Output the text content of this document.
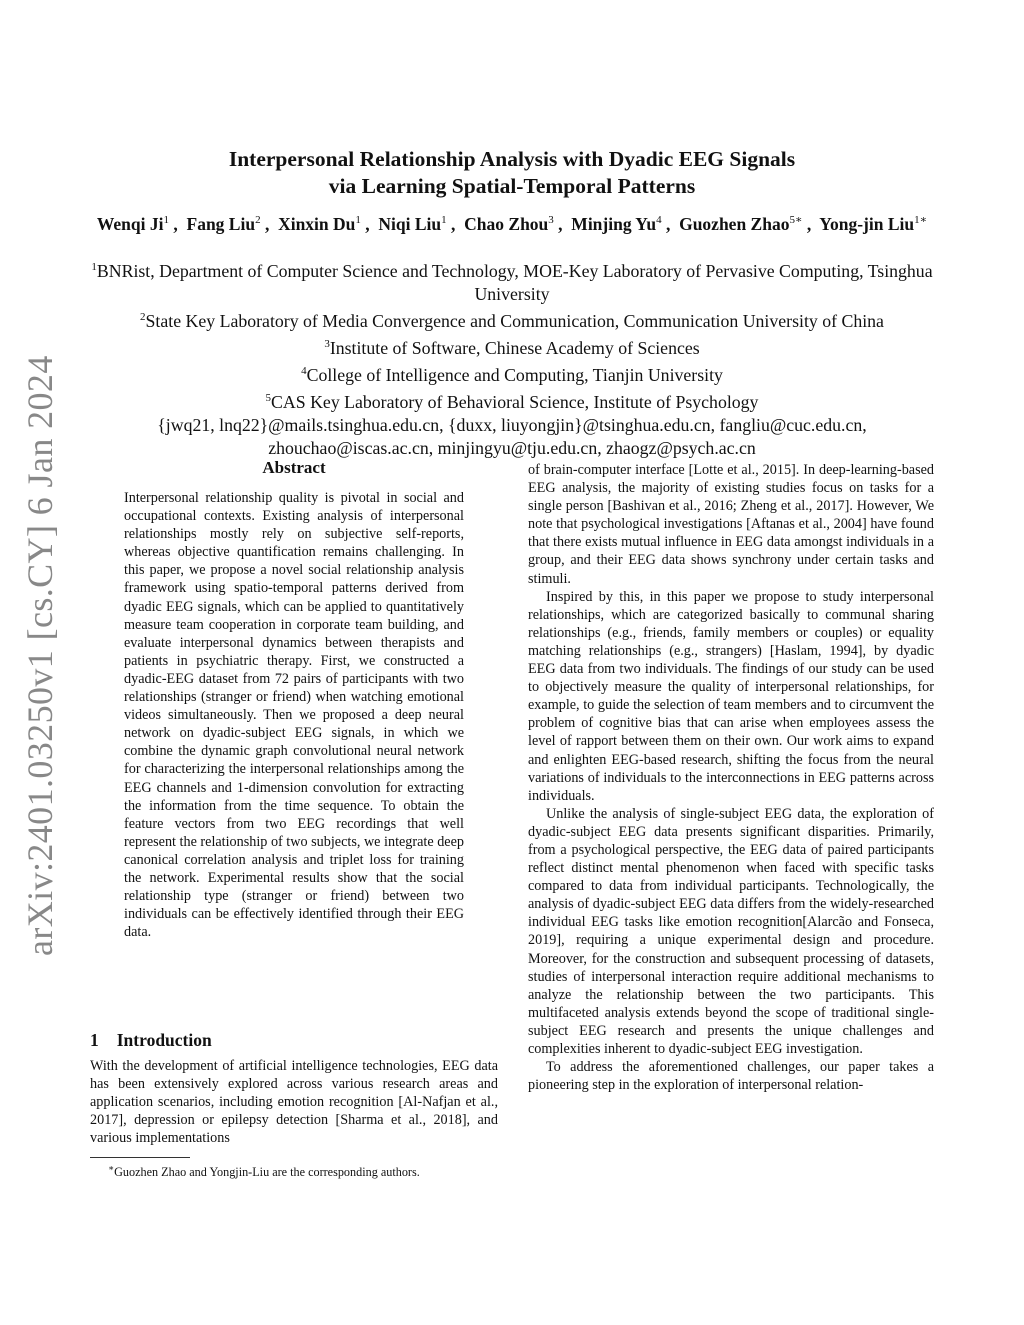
arXiv:2401.03250v1 [cs.CY] 6 Jan 2024
Interpersonal Relationship Analysis with Dyadic EEG Signals
via Learning Spatial-Temporal Patterns
Wenqi Ji$^1$ ,  Fang Liu$^2$ ,  Xinxin Du$^1$ ,  Niqi Liu$^1$ ,  Chao Zhou$^3$ ,  Minjing Yu$^4$ ,  Guozhen Zhao$^{5∗}$ ,  Yong-jin Liu$^{1∗}$
$^1$BNRist, Department of Computer Science and Technology, MOE-Key Laboratory of Pervasive Computing, Tsinghua University
$^2$State Key Laboratory of Media Convergence and Communication, Communication University of China
$^3$Institute of Software, Chinese Academy of Sciences
$^4$College of Intelligence and Computing, Tianjin University
$^5$CAS Key Laboratory of Behavioral Science, Institute of Psychology
{jwq21, lnq22}@mails.tsinghua.edu.cn, {duxx, liuyongjin}@tsinghua.edu.cn, fangliu@cuc.edu.cn,
zhouchao@iscas.ac.cn, minjingyu@tju.edu.cn, zhaogz@psych.ac.cn
Abstract
Interpersonal relationship quality is pivotal in social and occupational contexts. Existing analysis of interpersonal relationships mostly rely on subjective self-reports, whereas objective quantification remains challenging. In this paper, we propose a novel social relationship analysis framework using spatio-temporal patterns derived from dyadic EEG signals, which can be applied to quantitatively measure team cooperation in corporate team building, and evaluate interpersonal dynamics between therapists and patients in psychiatric therapy. First, we constructed a dyadic-EEG dataset from 72 pairs of participants with two relationships (stranger or friend) when watching emotional videos simultaneously. Then we proposed a deep neural network on dyadic-subject EEG signals, in which we combine the dynamic graph convolutional neural network for characterizing the interpersonal relationships among the EEG channels and 1-dimension convolution for extracting the information from the time sequence. To obtain the feature vectors from two EEG recordings that well represent the relationship of two subjects, we integrate deep canonical correlation analysis and triplet loss for training the network. Experimental results show that the social relationship type (stranger or friend) between two individuals can be effectively identified through their EEG data.
1 Introduction
With the development of artificial intelligence technologies, EEG data has been extensively explored across various research areas and application scenarios, including emotion recognition [Al-Nafjan et al., 2017], depression or epilepsy detection [Sharma et al., 2018], and various implementations
∗Guozhen Zhao and Yongjin-Liu are the corresponding authors.

of brain-computer interface [Lotte et al., 2015]. In deep-learning-based EEG analysis, the majority of existing studies focus on tasks for a single person [Bashivan et al., 2016; Zheng et al., 2017]. However, We note that psychological investigations [Aftanas et al., 2004] have found that there exists mutual influence in EEG data amongst individuals in a group, and their EEG data shows synchrony under certain tasks and stimuli.

Inspired by this, in this paper we propose to study interpersonal relationships, which are categorized basically to communal sharing relationships (e.g., friends, family members or couples) or equality matching relationships (e.g., strangers) [Haslam, 1994], by dyadic EEG data from two individuals. The findings of our study can be used to objectively measure the quality of interpersonal relationships, for example, to guide the selection of team members and to circumvent the problem of cognitive bias that can arise when employees assess the level of rapport between them on their own. Our work aims to expand and enlighten EEG-based research, shifting the focus from the neural variations of individuals to the interconnections in EEG patterns across individuals.

Unlike the analysis of single-subject EEG data, the exploration of dyadic-subject EEG data presents significant disparities. Primarily, from a psychological perspective, the EEG data of paired participants reflect distinct mental phenomenon when faced with specific tasks compared to data from individual participants. Technologically, the analysis of dyadic-subject EEG data differs from the widely-researched individual EEG tasks like emotion recognition[Alarcão and Fonseca, 2019], requiring a unique experimental design and procedure. Moreover, for the construction and subsequent processing of datasets, studies of interpersonal interaction require additional mechanisms to analyze the relationship between the two participants. This multifaceted analysis extends beyond the scope of traditional single-subject EEG research and presents the unique challenges and complexities inherent to dyadic-subject EEG investigation.

To address the aforementioned challenges, our paper takes a pioneering step in the exploration of interpersonal relation-
